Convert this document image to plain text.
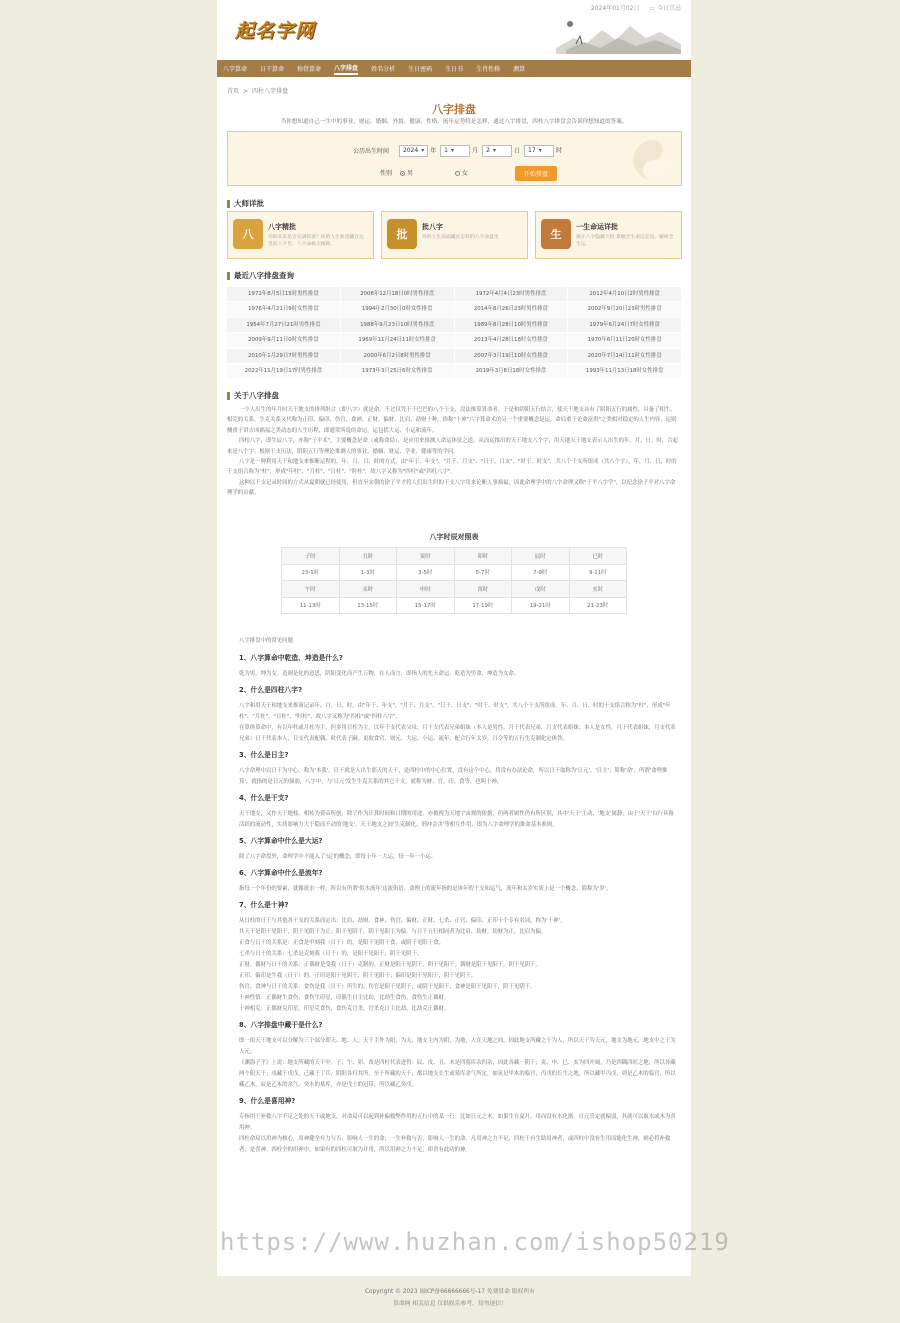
2024年01月02日 ▭ 今日宜忌
起名字网
八字算命 日干算命 称骨算命 八字排盘 姓名分析 生日密码 生日书 生肖性格 测算
首页 > 四柱八字排盘
八字排盘
当你想知道自己一生中的事业、财运、婚姻、外貌、健康、性格、流年运势将是怎样，通过八字排盘，四柱八字排盘会告诉你想知道的答案。
公历出生时间 2024 ▾ 年 1 ▾	月 2 ▾	日 17 ▾	时
性别 男	女	开始排盘
大师详批
八
八字精批
你的未来是否充满惊喜？你的人生轨迹藏在这里的八字里，八字命格大揭秘。
批
批八字
你的人生前面藏在怎样的八字命盘里	生
一生命运详批
揭开八字隐藏天机 掌握全生命运走向，解析全生运。
最近八字排盘查询
1972年8月5日15时男性排盘	2008年12月18日0时男性排盘	1972年4月4日23时男性排盘	2012年4月10日2时男性排盘
1976年4月21日9时女性排盘	1994年2月30日0时女性排盘	2014年8月26日23时男性排盘	2002年9月20日23时男性排盘
1954年7月27日21时男性排盘	1988年9月23日10时男性排盘	1989年8月28日10时男性排盘	1979年6月24日7时女性排盘
2009年9月11日0时女性排盘	1969年11月24日11时女性排盘	2013年4月28日18时女性排盘	1970年6月11日20时女性排盘
2010年1月29日7时男性排盘	2000年6月2日8时男性排盘	2007年3月19日10时女性排盘	2020年7月14日11时女性排盘
2022年11月19日17时男性排盘	1973年3月25日6时女性排盘	2019年3月8日18时女性排盘	1993年11月13日18时女性排盘
关于八字排盘

一个人出生的年月时天干地支的排列组合（即八字）就是命。不过仅凭干干巴巴的八个干支，没法推算算命者。于是和阴阳五行结合，使天干地支具有了阴阳五行的属性，具备了相生、相克的关系，生克关系又代称为正印、偏印、伤官、食神、正财、偏财、比肩、劫财十种，俗称"十神"八字算命术的另一个重要概念是运。命局重于论命富贵"之类相对稳定的人生内容，运则侧重于讲吉凶祸福之类动态的人生历程，即通常所说的命运。运包括大运、小运和流年。

四柱八字，即生辰八字，亦称"子平术"，主要概念是命（或称命局），是应用来推测人命运体征之道。从而运推出的天干地支八个字，用天地天干地支表示人出生的年、月、日、时，合起来是八个字。根据干支历法，阴阳五行等理论推测人的事业、婚姻、财运、学业、健康等的学问。

八字是一种利用天干和地支来推断运程的。年、月、日、时的方式，由"年干、年支"、"月干、月支"、"日干、日支"、"时干、时支"，共八个干支所组成（共八个字），年、月、日、时的干支组合称为"柱"，形成"年柱"、"月柱"、"日柱"、"时柱"，故八字又称为"四柱"或"四柱八字"。

这种以干支记录时间的方式从夏朝就已经使用，但直至宋朝的徐子平才将人们出生时的干支八字用来论断人事祸福，因此命理学中的八字命理又称"子平八字学"，以纪念徐子平对八字命理学的贡献。

八字时辰对照表
子时	丑时	寅时	卯时	辰时	巳时
23-1时	1-3时	3-5时	5-7时	7-9时	9-11时
午时	未时	申时	酉时	戌时	亥时
11-13时	13-15时	15-17时	17-19时	19-21时	21-23时
八字排盘中的常见问题
1、八字算命中乾造、坤造是什么?

乾为男，坤为女。造则是化的意思，阴阳变化而产生万物，在人而言，即指人的先天命运。乾造为男命，坤造为女命。

2、什么是四柱八字?

八字和用天干和地支来推演记录年、月、日、时，由"年干、年支"、"月干、月支"、"日干、日支"、"时干、时支"，共八个干支所组成。年、月、日、时的干支组合称为"柱"，形成"年柱"、"月柱"、"日柱"、"时柱"，故八字又称为"四柱"或"四柱八字"。

在算体算命中，有以年柱或月柱为主，但多用日柱为主，以年干支代表父母，月干支代表兄弟姐妹（本人是男性，月干代表兄弟，月支代表姐妹；本人是女性，月干代表姐妹，月支代表兄弟）日干代表本人，日支代表配偶，时代表子嗣。更取食官、财元、大运、小运、流年，配合行年太岁，月令等的五行生克制化定休咎。

3、什么是日主?

八字命理中以日干为中心，称为'本我'，日干就是人出生那天的天干，是四柱中的中心位置，没有这个中心，将没有办法论命，所以日干取称为'日元'、'日主'；简称'命'，所谓'命理推算'，就指的是日元的强弱，八字中，与'日元'发生生克关系的其它干支，就称为财、官、印、食等，也叫十神。

4、什么是干支?

天干地支，又作天干地枝，相传为黄帝所创，除了作为计算时间和日期的用途，亦被视为天地宇宙观的依据，但两者属性仍有所区别，其中'天干'主动、'地支'属静，由于'天干'自行具备活跃的流动性，实质影响力大于隐而不动的'地支'。天干地支之间'生克制化、刑冲会害'等相互作用，即为八字命理学的推命基本准则。

5、八字算命中什么是大运?

除了八字命盘外，命理学中不能入了'运'的概念，即每十年一大运，每一年一小运。

6、八字算命中什么是流年?

指每一个年份的要素，就像流水一样，所以有所谓'似水流年'这流俗语。命理上的流年指的是该年的干支和运气，流年和太岁实质上是一个概念，简称为'岁'。

7、什么是十神?

从日柱的日干与其他各干支的关系而定出：比肩、劫财、食神、伤官、偏财、正财、七杀、正官、偏印、正印十个专有名词，称为'十神'。

其天干是阳干见阳干，阴干见阴干为正；阳干见阴干，阴干见阳干为偏。与日干五行相同者为比肩、劫财，劫财为正，比肩为偏。

正食与日干的关系是：正食是甲刻我（日干）的。是阳干见阴干食，或阴干见阳干食。

七杀与日干的关系：七杀是克刻我（日干）的，是阳干见阳干，阴干见阴干。

正财、偶财与日干的关系：正偶财是受我（日干）克制的。正财是阳干见阴干，阴干见阳干；偶财是阳干见阳干，阴干见阴干。

正印、偏印是生我（日干）的。正印是阳干见阴干，阴干见阳干；偏印是阳干见阳干，阴干见阴干。

伤官、食神与日干的关系：食伤是我（日干）所生的。伤官是阳干见阴干，或阴干见阳干；食神是阳干见阳干，阴干见阴干。

十神性情：正偶财生食伤，食伤生印星，印偶生日主比劫，比劫生食伤，食伤生正偶财。

十神相克：正偶财克印星，印星克食伤，食伤克官杀，官杀克日主比劫，比劫克正偶财。

8、八字排盘中藏干是什么?

即一组天干地支可以分解为三个部分即天、地、人。天干主外为阳，为天，地支主内为阴，为地，人在天地之间，因此地支所藏之干为人，所以天干为天元，地支为地元，地支中之干为人元。

《渊海子平》上说：地支所藏的天干中，子、午、卯、酉是四柱代表进得：辰、戌、丑、未是四墓库杂四杂，因此各藏一阴干；寅、申、巳、亥为四开阔，乃是四隅四旺之地，所以各藏两个阳天干；戌藏于戊戊，己藏于丁兵，阴阳各归其所，至于所藏的天干，都以地支长生或墓库余气所定，如寅是甲木的临官，丙戊的长生之地，所以藏甲丙戊，卯是乙木的临官，所以藏乙木，辰是乙木的余气，癸水的墓库，亦是戊土的冠带，所以藏乙癸戊。

9、什么是喜用神?

专指用于补救八字不足之处的天干或地支。对命局可以起到补偏救弊作用的五行中的某一行：比如日元之木，如果生在夏月，用而没有水化渐，日元肯定就偏弱，其就可以取水或木为喜用神。

四柱命局以用神为核心，用神健全有力与否，影响人一生的命；一生补救与否，影响人一生的命。凡用神之力不足，四柱干有生助用神者，或四柱中没有生用而能化生神，则必将补救者，是喜神。四柱全的用神中，如果有的四柱可取为并用，所以用神之力不足，即喜有此功的神。

https://www.huzhan.com/ishop50219
Copyright © 2023 闽ICP备66666666号-17 免费算命 版权所有
算命网 相关信息 仅供娱乐参考，切勿迷信！
